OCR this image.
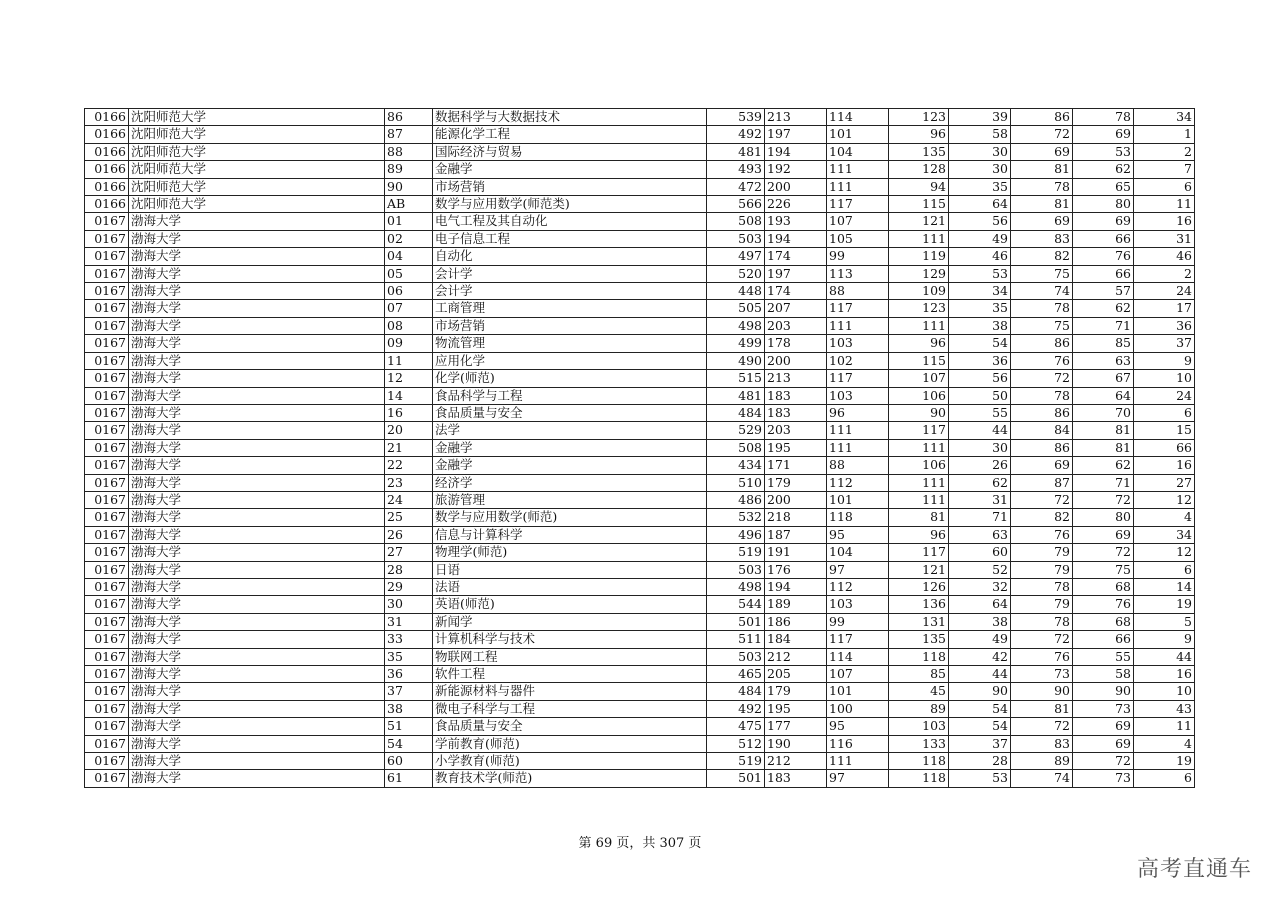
0166	沈阳师范大学	86	数据科学与大数据技术	539	213	114	123	39	86	78	34
0166	沈阳师范大学	87	能源化学工程	492	197	101	96	58	72	69	1
0166	沈阳师范大学	88	国际经济与贸易	481	194	104	135	30	69	53	2
0166	沈阳师范大学	89	金融学	493	192	111	128	30	81	62	7
0166	沈阳师范大学	90	市场营销	472	200	111	94	35	78	65	6
0166	沈阳师范大学	AB	数学与应用数学(师范类)	566	226	117	115	64	81	80	11
0167	渤海大学	01	电气工程及其自动化	508	193	107	121	56	69	69	16
0167	渤海大学	02	电子信息工程	503	194	105	111	49	83	66	31
0167	渤海大学	04	自动化	497	174	99	119	46	82	76	46
0167	渤海大学	05	会计学	520	197	113	129	53	75	66	2
0167	渤海大学	06	会计学	448	174	88	109	34	74	57	24
0167	渤海大学	07	工商管理	505	207	117	123	35	78	62	17
0167	渤海大学	08	市场营销	498	203	111	111	38	75	71	36
0167	渤海大学	09	物流管理	499	178	103	96	54	86	85	37
0167	渤海大学	11	应用化学	490	200	102	115	36	76	63	9
0167	渤海大学	12	化学(师范)	515	213	117	107	56	72	67	10
0167	渤海大学	14	食品科学与工程	481	183	103	106	50	78	64	24
0167	渤海大学	16	食品质量与安全	484	183	96	90	55	86	70	6
0167	渤海大学	20	法学	529	203	111	117	44	84	81	15
0167	渤海大学	21	金融学	508	195	111	111	30	86	81	66
0167	渤海大学	22	金融学	434	171	88	106	26	69	62	16
0167	渤海大学	23	经济学	510	179	112	111	62	87	71	27
0167	渤海大学	24	旅游管理	486	200	101	111	31	72	72	12
0167	渤海大学	25	数学与应用数学(师范)	532	218	118	81	71	82	80	4
0167	渤海大学	26	信息与计算科学	496	187	95	96	63	76	69	34
0167	渤海大学	27	物理学(师范)	519	191	104	117	60	79	72	12
0167	渤海大学	28	日语	503	176	97	121	52	79	75	6
0167	渤海大学	29	法语	498	194	112	126	32	78	68	14
0167	渤海大学	30	英语(师范)	544	189	103	136	64	79	76	19
0167	渤海大学	31	新闻学	501	186	99	131	38	78	68	5
0167	渤海大学	33	计算机科学与技术	511	184	117	135	49	72	66	9
0167	渤海大学	35	物联网工程	503	212	114	118	42	76	55	44
0167	渤海大学	36	软件工程	465	205	107	85	44	73	58	16
0167	渤海大学	37	新能源材料与器件	484	179	101	45	90	90	90	10
0167	渤海大学	38	微电子科学与工程	492	195	100	89	54	81	73	43
0167	渤海大学	51	食品质量与安全	475	177	95	103	54	72	69	11
0167	渤海大学	54	学前教育(师范)	512	190	116	133	37	83	69	4
0167	渤海大学	60	小学教育(师范)	519	212	111	118	28	89	72	19
0167	渤海大学	61	教育技术学(师范)	501	183	97	118	53	74	73	6
第 69 页，共 307 页
高考直通车
